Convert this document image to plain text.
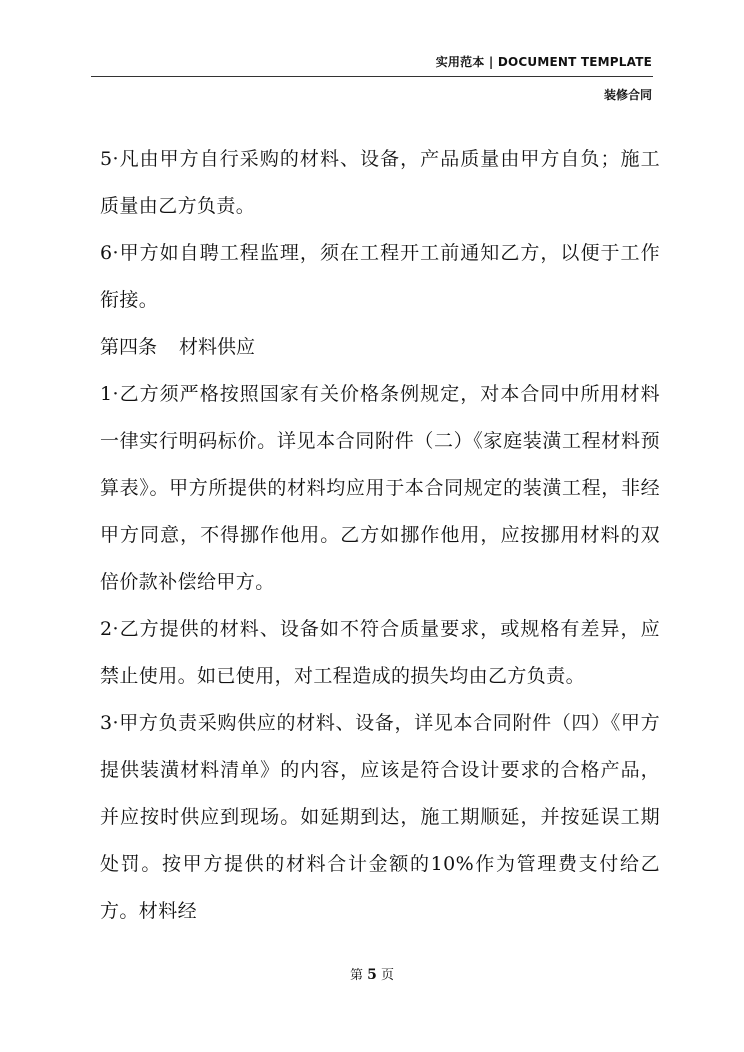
实用范本 | DOCUMENT TEMPLATE
装修合同

5·凡由甲方自行采购的材料、设备，产品质量由甲方自负；施工质量由乙方负责。

6·甲方如自聘工程监理，须在工程开工前通知乙方，以便于工作衔接。

第四条 材料供应

1·乙方须严格按照国家有关价格条例规定，对本合同中所用材料一律实行明码标价。详见本合同附件（二）《家庭装潢工程材料预算表》。甲方所提供的材料均应用于本合同规定的装潢工程，非经甲方同意，不得挪作他用。乙方如挪作他用，应按挪用材料的双倍价款补偿给甲方。

2·乙方提供的材料、设备如不符合质量要求，或规格有差异，应禁止使用。如已使用，对工程造成的损失均由乙方负责。

3·甲方负责采购供应的材料、设备，详见本合同附件（四）《甲方提供装潢材料清单》的内容，应该是符合设计要求的合格产品，并应按时供应到现场。如延期到达，施工期顺延，并按延误工期处罚。按甲方提供的材料合计金额的10%作为管理费支付给乙方。材料经

第 5 页
